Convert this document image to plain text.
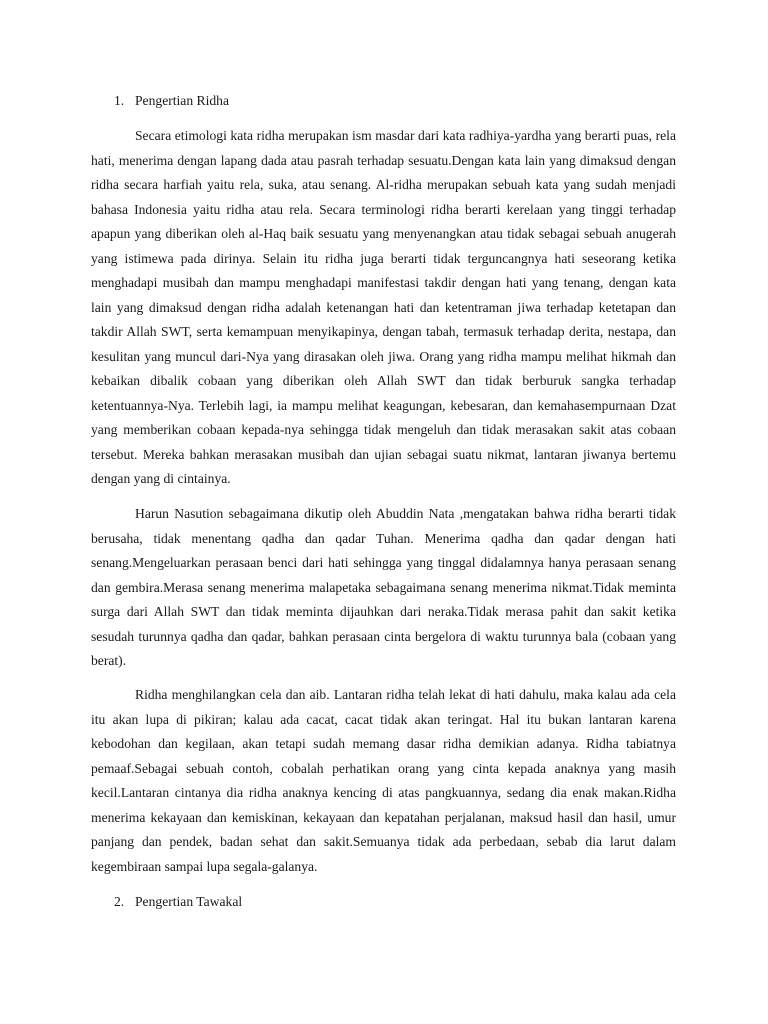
1. Pengertian Ridha

Secara etimologi kata ridha merupakan ism masdar dari kata radhiya-yardha yang berarti puas, rela hati, menerima dengan lapang dada atau pasrah terhadap sesuatu.Dengan kata lain yang dimaksud dengan ridha secara harfiah yaitu rela, suka, atau senang. Al-ridha merupakan sebuah kata yang sudah menjadi bahasa Indonesia yaitu ridha atau rela. Secara terminologi ridha berarti kerelaan yang tinggi terhadap apapun yang diberikan oleh al-Haq baik sesuatu yang menyenangkan atau tidak sebagai sebuah anugerah yang istimewa pada dirinya. Selain itu ridha juga berarti tidak terguncangnya hati seseorang ketika menghadapi musibah dan mampu menghadapi manifestasi takdir dengan hati yang tenang, dengan kata lain yang dimaksud dengan ridha adalah ketenangan hati dan ketentraman jiwa terhadap ketetapan dan takdir Allah SWT, serta kemampuan menyikapinya, dengan tabah, termasuk terhadap derita, nestapa, dan kesulitan yang muncul dari-Nya yang dirasakan oleh jiwa. Orang yang ridha mampu melihat hikmah dan kebaikan dibalik cobaan yang diberikan oleh Allah SWT dan tidak berburuk sangka terhadap ketentuannya-Nya. Terlebih lagi, ia mampu melihat keagungan, kebesaran, dan kemahasempurnaan Dzat yang memberikan cobaan kepada-nya sehingga tidak mengeluh dan tidak merasakan sakit atas cobaan tersebut. Mereka bahkan merasakan musibah dan ujian sebagai suatu nikmat, lantaran jiwanya bertemu dengan yang di cintainya.

Harun Nasution sebagaimana dikutip oleh Abuddin Nata ,mengatakan bahwa ridha berarti tidak berusaha, tidak menentang qadha dan qadar Tuhan. Menerima qadha dan qadar dengan hati senang.Mengeluarkan perasaan benci dari hati sehingga yang tinggal didalamnya hanya perasaan senang dan gembira.Merasa senang menerima malapetaka sebagaimana senang menerima nikmat.Tidak meminta surga dari Allah SWT dan tidak meminta dijauhkan dari neraka.Tidak merasa pahit dan sakit ketika sesudah turunnya qadha dan qadar, bahkan perasaan cinta bergelora di waktu turunnya bala (cobaan yang berat).

Ridha menghilangkan cela dan aib. Lantaran ridha telah lekat di hati dahulu, maka kalau ada cela itu akan lupa di pikiran; kalau ada cacat, cacat tidak akan teringat. Hal itu bukan lantaran karena kebodohan dan kegilaan, akan tetapi sudah memang dasar ridha demikian adanya. Ridha tabiatnya pemaaf.Sebagai sebuah contoh, cobalah perhatikan orang yang cinta kepada anaknya yang masih kecil.Lantaran cintanya dia ridha anaknya kencing di atas pangkuannya, sedang dia enak makan.Ridha menerima kekayaan dan kemiskinan, kekayaan dan kepatahan perjalanan, maksud hasil dan hasil, umur panjang dan pendek, badan sehat dan sakit.Semuanya tidak ada perbedaan, sebab dia larut dalam kegembiraan sampai lupa segala-galanya.

2. Pengertian Tawakal
